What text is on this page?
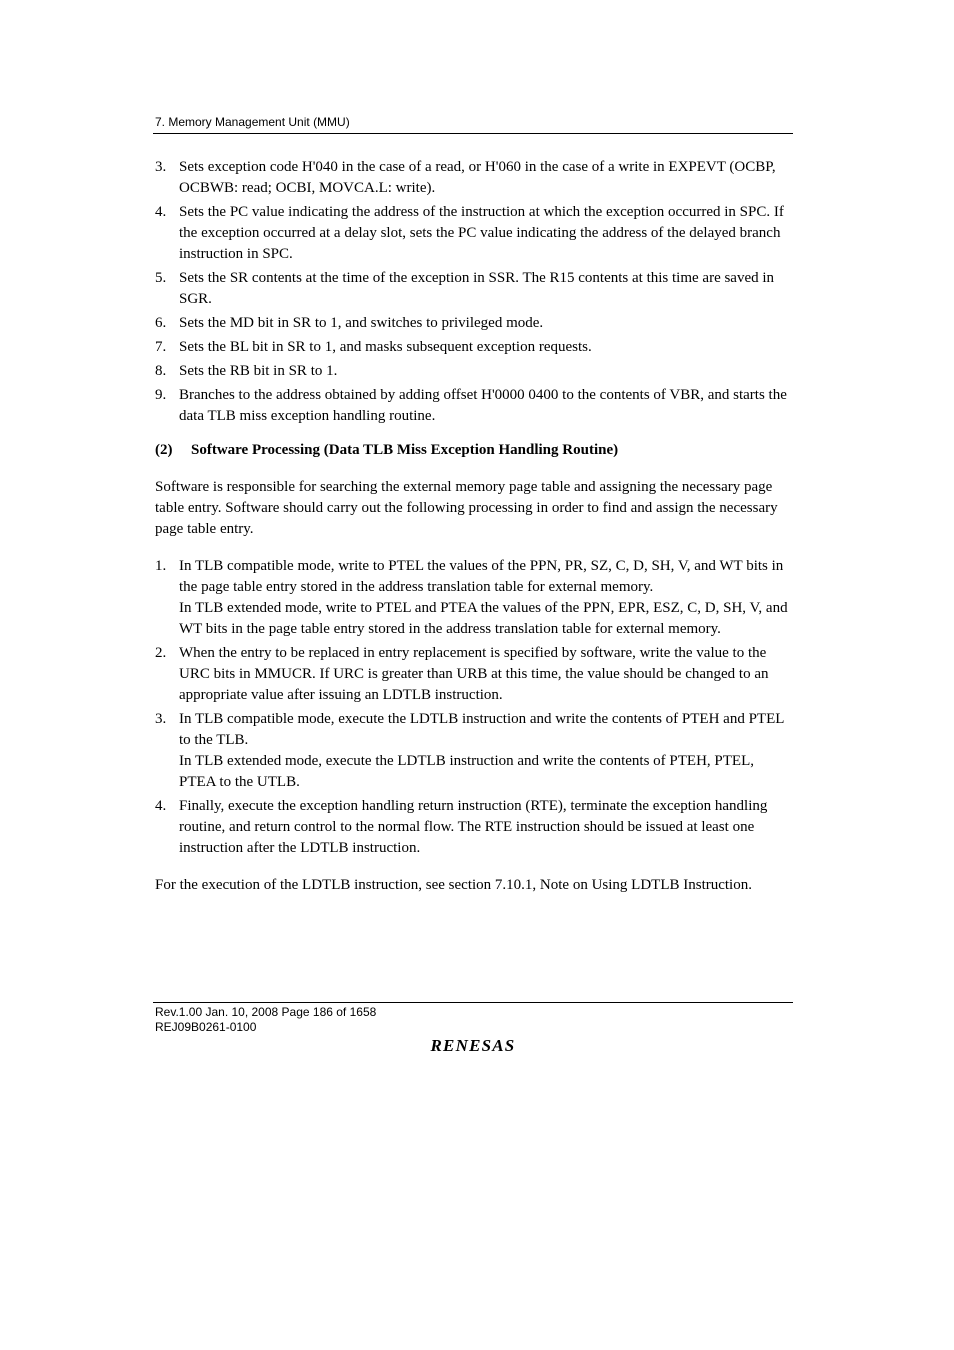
7. Memory Management Unit (MMU)
3. Sets exception code H'040 in the case of a read, or H'060 in the case of a write in EXPEVT (OCBP, OCBWB: read; OCBI, MOVCA.L: write).
4. Sets the PC value indicating the address of the instruction at which the exception occurred in SPC. If the exception occurred at a delay slot, sets the PC value indicating the address of the delayed branch instruction in SPC.
5. Sets the SR contents at the time of the exception in SSR. The R15 contents at this time are saved in SGR.
6. Sets the MD bit in SR to 1, and switches to privileged mode.
7. Sets the BL bit in SR to 1, and masks subsequent exception requests.
8. Sets the RB bit in SR to 1.
9. Branches to the address obtained by adding offset H'0000 0400 to the contents of VBR, and starts the data TLB miss exception handling routine.
(2) Software Processing (Data TLB Miss Exception Handling Routine)

Software is responsible for searching the external memory page table and assigning the necessary page table entry. Software should carry out the following processing in order to find and assign the necessary page table entry.

1. In TLB compatible mode, write to PTEL the values of the PPN, PR, SZ, C, D, SH, V, and WT bits in the page table entry stored in the address translation table for external memory.
In TLB extended mode, write to PTEL and PTEA the values of the PPN, EPR, ESZ, C, D, SH, V, and WT bits in the page table entry stored in the address translation table for external memory.
2. When the entry to be replaced in entry replacement is specified by software, write the value to the URC bits in MMUCR. If URC is greater than URB at this time, the value should be changed to an appropriate value after issuing an LDTLB instruction.
3. In TLB compatible mode, execute the LDTLB instruction and write the contents of PTEH and PTEL to the TLB.
In TLB extended mode, execute the LDTLB instruction and write the contents of PTEH, PTEL, PTEA to the UTLB.
4. Finally, execute the exception handling return instruction (RTE), terminate the exception handling routine, and return control to the normal flow. The RTE instruction should be issued at least one instruction after the LDTLB instruction.

For the execution of the LDTLB instruction, see section 7.10.1, Note on Using LDTLB Instruction.

Rev.1.00 Jan. 10, 2008 Page 186 of 1658
REJ09B0261-0100
RENESAS
